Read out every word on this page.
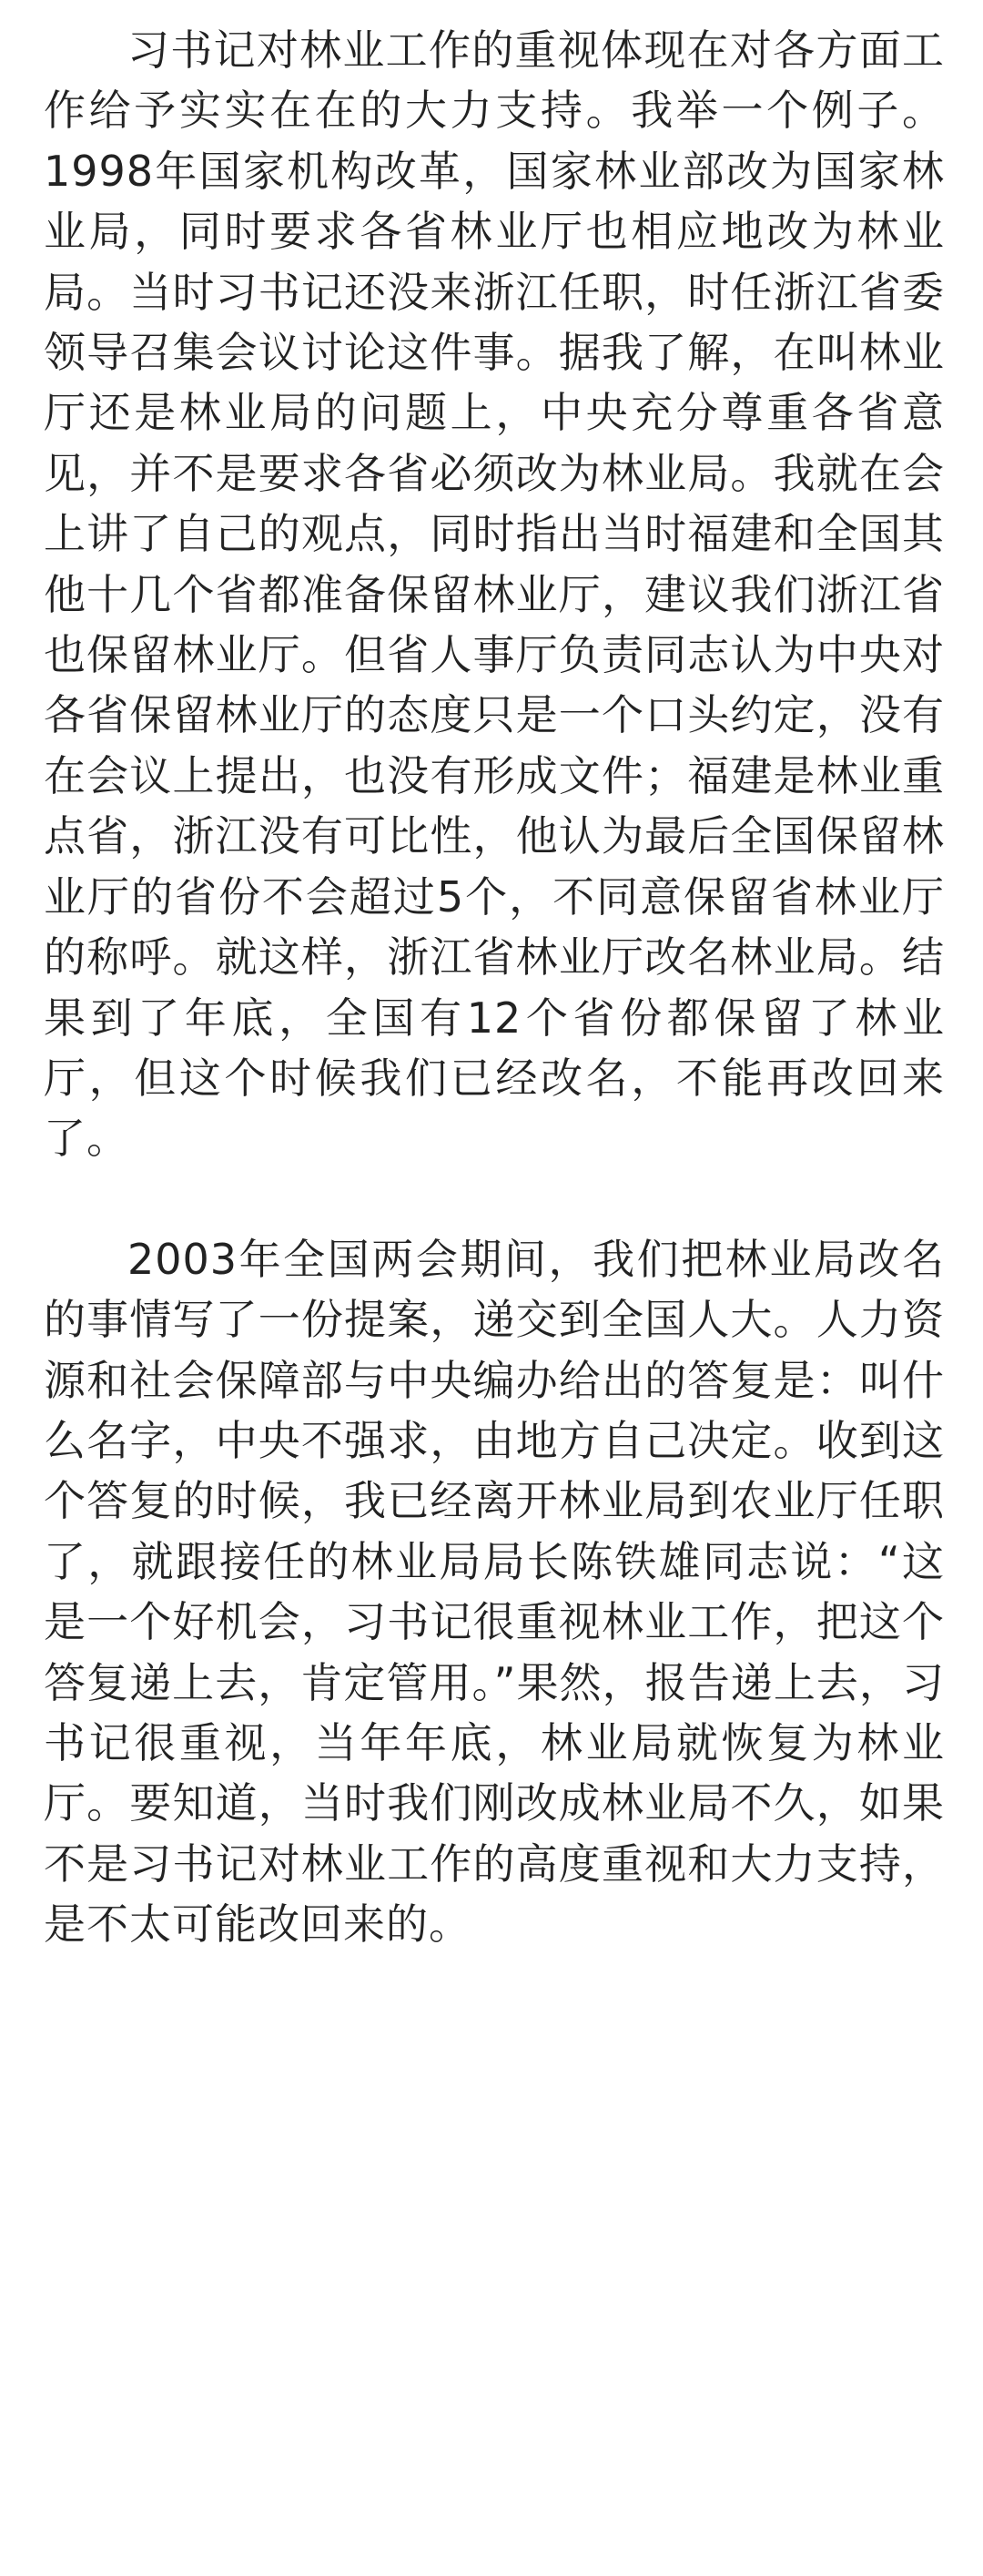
习书记对林业工作的重视体现在对各方面工作给予实实在在的大力支持。我举一个例子。1998年国家机构改革，国家林业部改为国家林业局，同时要求各省林业厅也相应地改为林业局。当时习书记还没来浙江任职，时任浙江省委领导召集会议讨论这件事。据我了解，在叫林业厅还是林业局的问题上，中央充分尊重各省意见，并不是要求各省必须改为林业局。我就在会上讲了自己的观点，同时指出当时福建和全国其他十几个省都准备保留林业厅，建议我们浙江省也保留林业厅。但省人事厅负责同志认为中央对各省保留林业厅的态度只是一个口头约定，没有在会议上提出，也没有形成文件；福建是林业重点省，浙江没有可比性，他认为最后全国保留林业厅的省份不会超过5个，不同意保留省林业厅的称呼。就这样，浙江省林业厅改名林业局。结果到了年底，全国有12个省份都保留了林业厅，但这个时候我们已经改名，不能再改回来了。

2003年全国两会期间，我们把林业局改名的事情写了一份提案，递交到全国人大。人力资源和社会保障部与中央编办给出的答复是：叫什么名字，中央不强求，由地方自己决定。收到这个答复的时候，我已经离开林业局到农业厅任职了，就跟接任的林业局局长陈铁雄同志说：“这是一个好机会，习书记很重视林业工作，把这个答复递上去，肯定管用。”果然，报告递上去，习书记很重视，当年年底，林业局就恢复为林业厅。要知道，当时我们刚改成林业局不久，如果不是习书记对林业工作的高度重视和大力支持，是不太可能改回来的。
